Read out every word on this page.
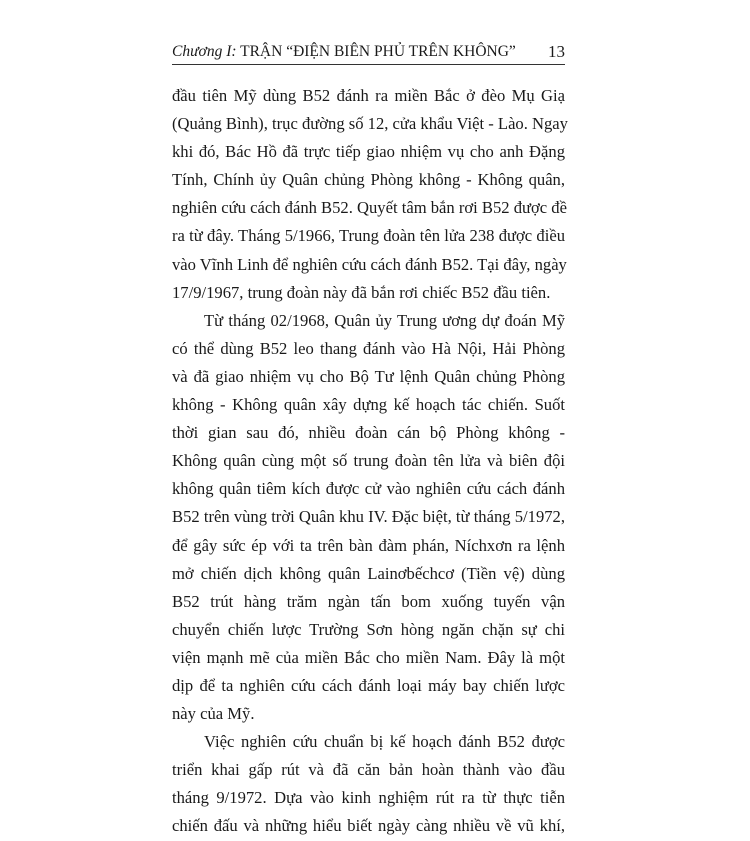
Chương I: TRẬN “ĐIỆN BIÊN PHỦ TRÊN KHÔNG” 13
đầu tiên Mỹ dùng B52 đánh ra miền Bắc ở đèo Mụ Giạ
(Quảng Bình), trục đường số 12, cửa khẩu Việt - Lào. Ngay
khi đó, Bác Hồ đã trực tiếp giao nhiệm vụ cho anh Đặng
Tính, Chính ủy Quân chủng Phòng không - Không quân,
nghiên cứu cách đánh B52. Quyết tâm bắn rơi B52 được đề
ra từ đây. Tháng 5/1966, Trung đoàn tên lửa 238 được điều
vào Vĩnh Linh để nghiên cứu cách đánh B52. Tại đây, ngày
17/9/1967, trung đoàn này đã bắn rơi chiếc B52 đầu tiên.
Từ tháng 02/1968, Quân ủy Trung ương dự đoán Mỹ
có thể dùng B52 leo thang đánh vào Hà Nội, Hải Phòng
và đã giao nhiệm vụ cho Bộ Tư lệnh Quân chủng Phòng
không - Không quân xây dựng kế hoạch tác chiến. Suốt
thời gian sau đó, nhiều đoàn cán bộ Phòng không -
Không quân cùng một số trung đoàn tên lửa và biên đội
không quân tiêm kích được cử vào nghiên cứu cách đánh
B52 trên vùng trời Quân khu IV. Đặc biệt, từ tháng 5/1972,
để gây sức ép với ta trên bàn đàm phán, Níchxơn ra lệnh
mở chiến dịch không quân Lainơbếchcơ (Tiền vệ) dùng
B52 trút hàng trăm ngàn tấn bom xuống tuyến vận
chuyển chiến lược Trường Sơn hòng ngăn chặn sự chi
viện mạnh mẽ của miền Bắc cho miền Nam. Đây là một
dịp để ta nghiên cứu cách đánh loại máy bay chiến lược
này của Mỹ.
Việc nghiên cứu chuẩn bị kế hoạch đánh B52 được
triển khai gấp rút và đã căn bản hoàn thành vào đầu
tháng 9/1972. Dựa vào kinh nghiệm rút ra từ thực tiễn
chiến đấu và những hiểu biết ngày càng nhiều về vũ khí,
